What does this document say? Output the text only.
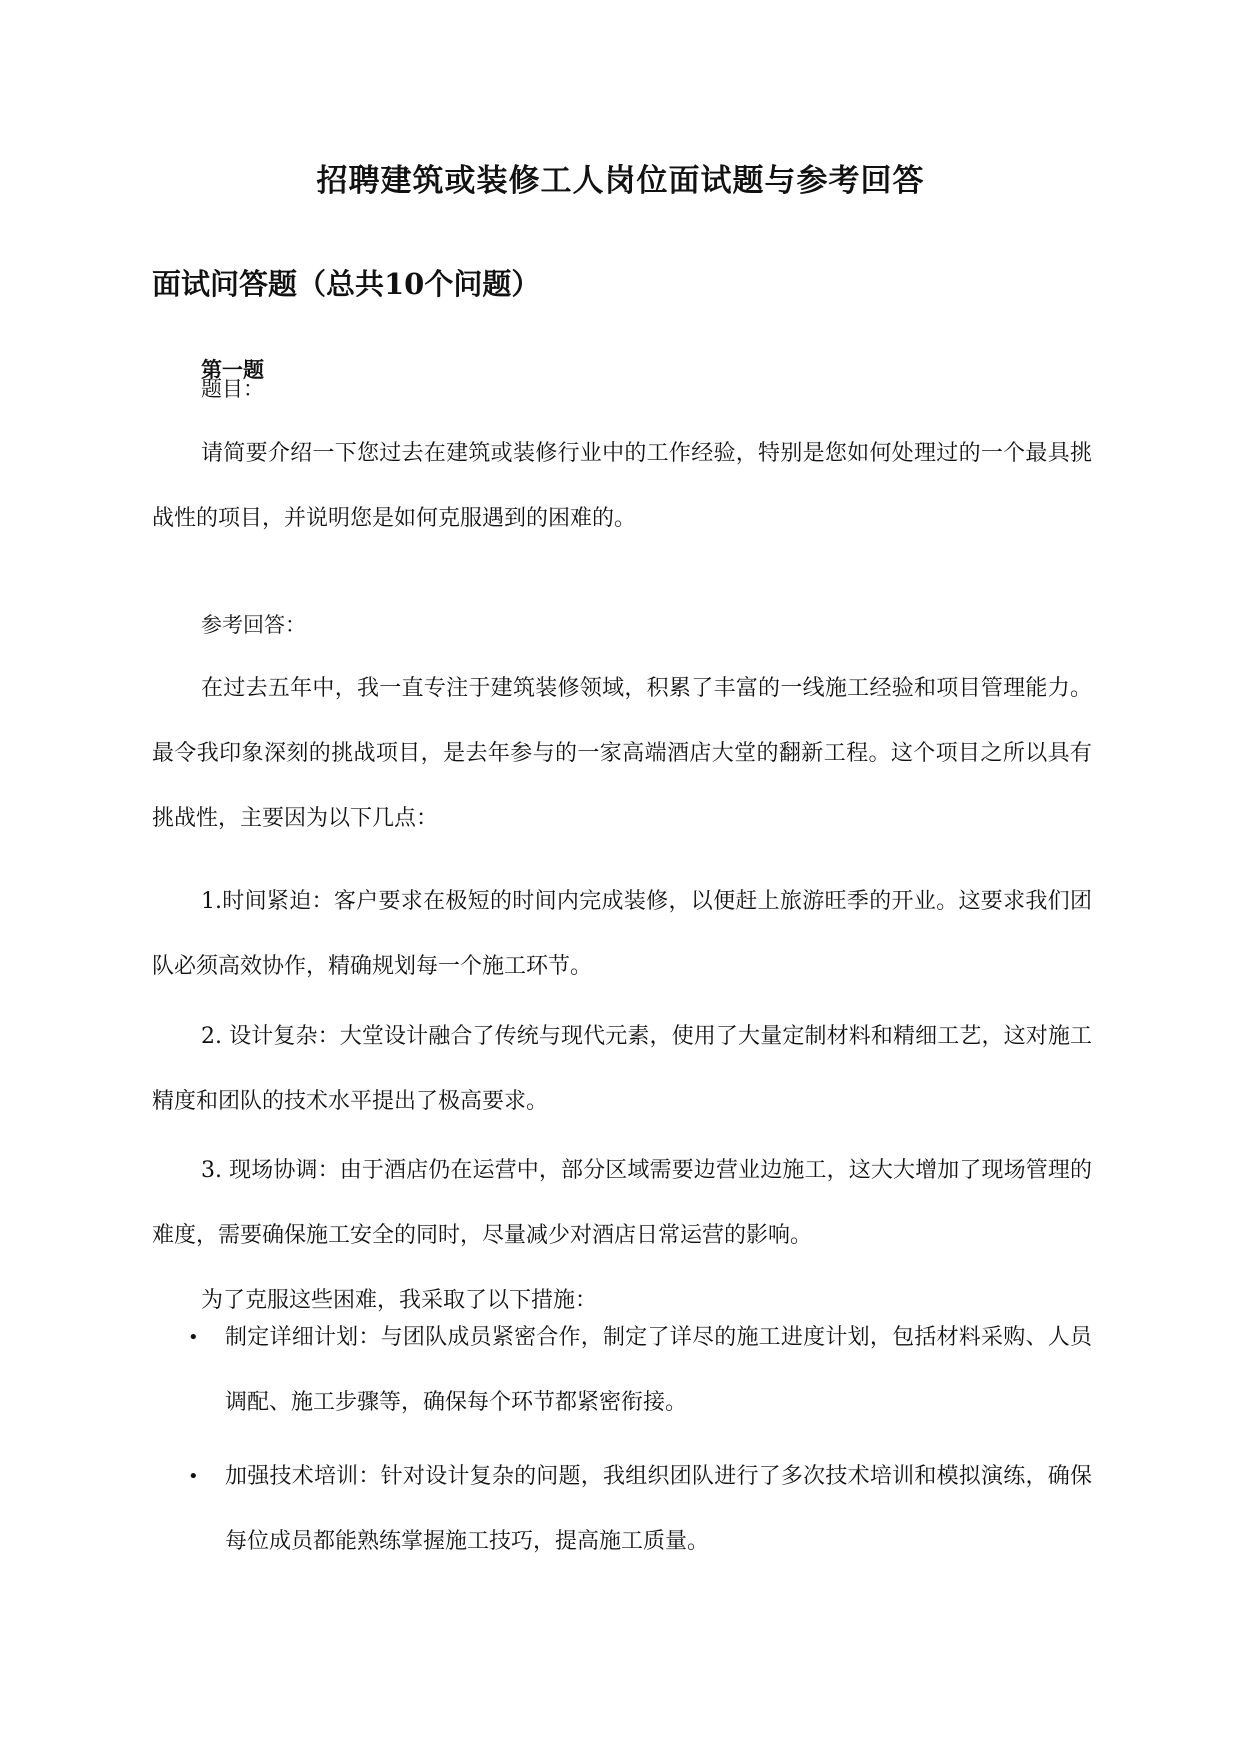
招聘建筑或装修工人岗位面试题与参考回答
面试问答题（总共10个问题）
第一题
题目：

请简要介绍一下您过去在建筑或装修行业中的工作经验，特别是您如何处理过的一个最具挑战性的项目，并说明您是如何克服遇到的困难的。

参考回答：

在过去五年中，我一直专注于建筑装修领域，积累了丰富的一线施工经验和项目管理能力。最令我印象深刻的挑战项目，是去年参与的一家高端酒店大堂的翻新工程。这个项目之所以具有挑战性，主要因为以下几点：

1.时间紧迫：客户要求在极短的时间内完成装修，以便赶上旅游旺季的开业。这要求我们团队必须高效协作，精确规划每一个施工环节。

2. 设计复杂：大堂设计融合了传统与现代元素，使用了大量定制材料和精细工艺，这对施工精度和团队的技术水平提出了极高要求。

3. 现场协调：由于酒店仍在运营中，部分区域需要边营业边施工，这大大增加了现场管理的难度，需要确保施工安全的同时，尽量减少对酒店日常运营的影响。

为了克服这些困难，我采取了以下措施：

• 制定详细计划：与团队成员紧密合作，制定了详尽的施工进度计划，包括材料采购、人员调配、施工步骤等，确保每个环节都紧密衔接。
• 加强技术培训：针对设计复杂的问题，我组织团队进行了多次技术培训和模拟演练，确保每位成员都能熟练掌握施工技巧，提高施工质量。
